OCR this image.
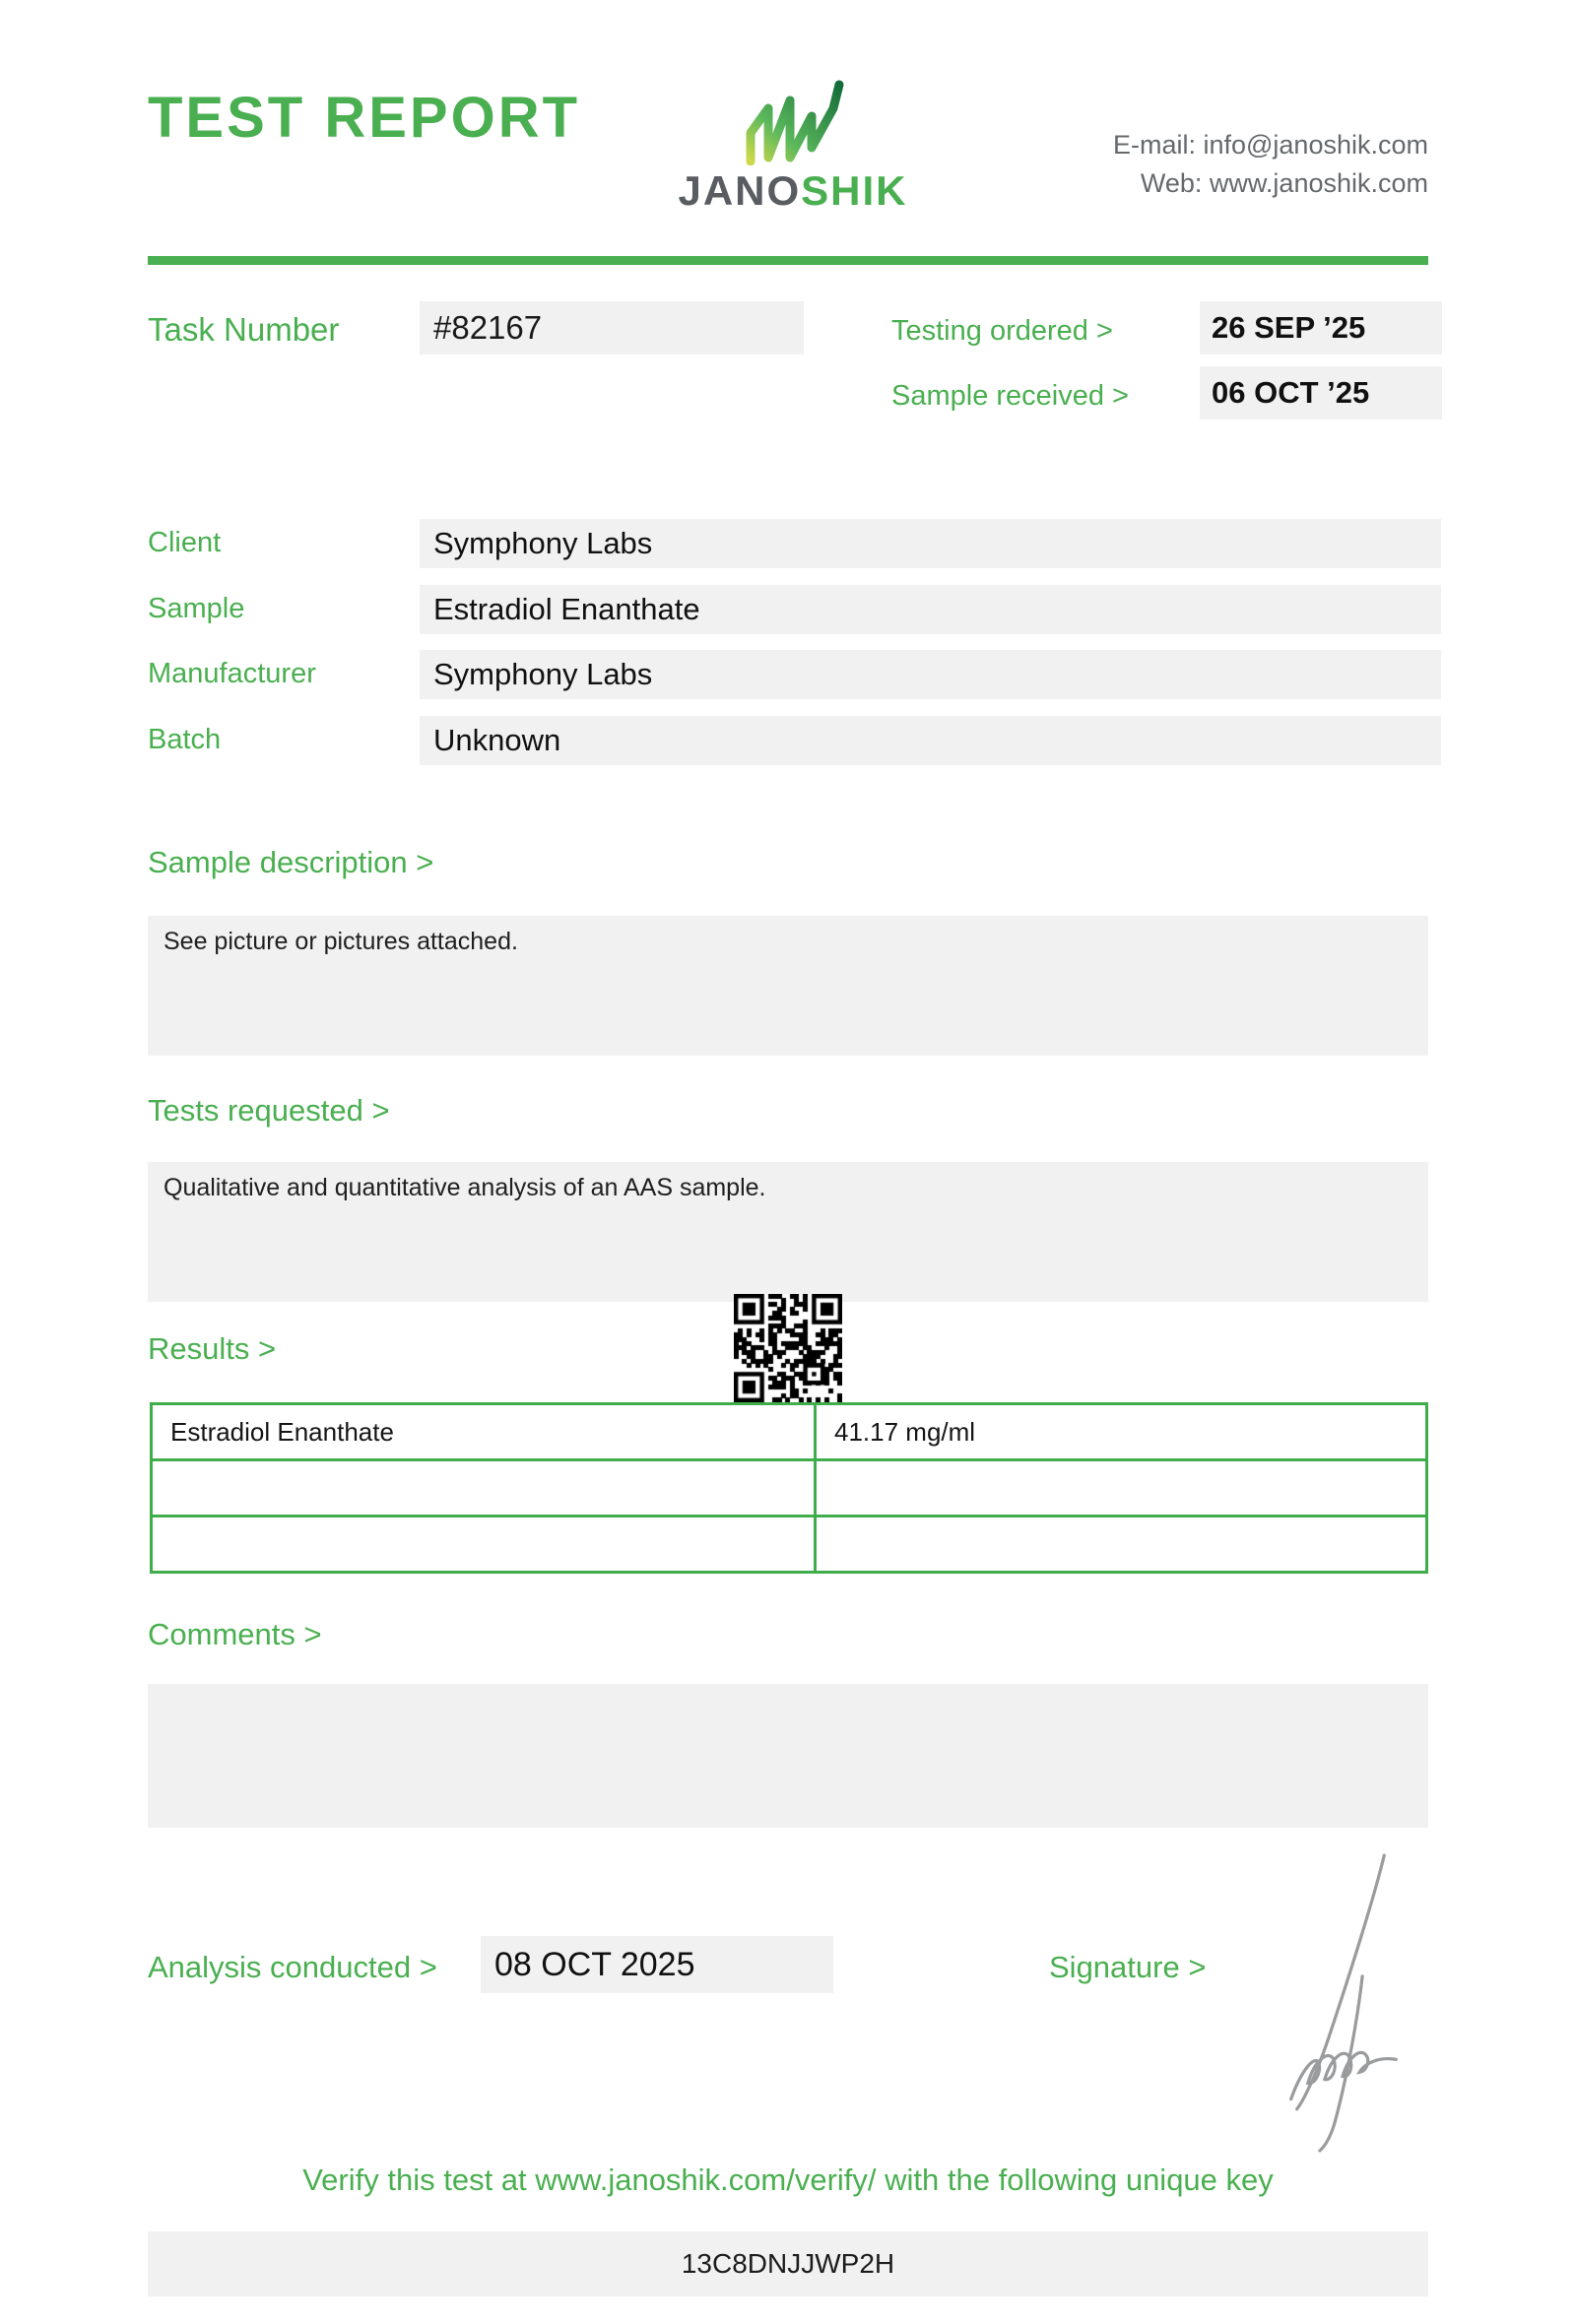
TEST REPORT
JANOSHIK
E-mail: info@janoshik.com
Web: www.janoshik.com
Task Number	#82167	Testing ordered >	26 SEP ’25
Sample received >	06 OCT ’25
Client	Symphony Labs
Sample	Estradiol Enanthate
Manufacturer	Symphony Labs
Batch	Unknown
Sample description >
See picture or pictures attached.
Tests requested >
Qualitative and quantitative analysis of an AAS sample.
Results >
Estradiol Enanthate	41.17 mg/ml

Comments >
Analysis conducted >	08 OCT 2025	Signature >
Verify this test at www.janoshik.com/verify/ with the following unique key
13C8DNJJWP2H
